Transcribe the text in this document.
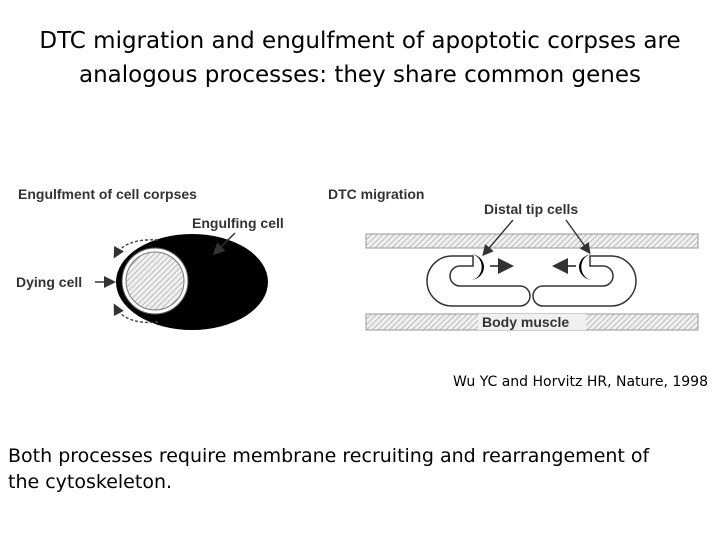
DTC migration and engulfment of apoptotic corpses are
analogous processes: they share common genes
Engulfment of cell corpses
Engulfing cell
Dying cell
DTC migration
Distal tip cells
Body muscle
Wu YC and Horvitz HR, Nature, 1998
Both processes require membrane recruiting and rearrangement of
the cytoskeleton.
